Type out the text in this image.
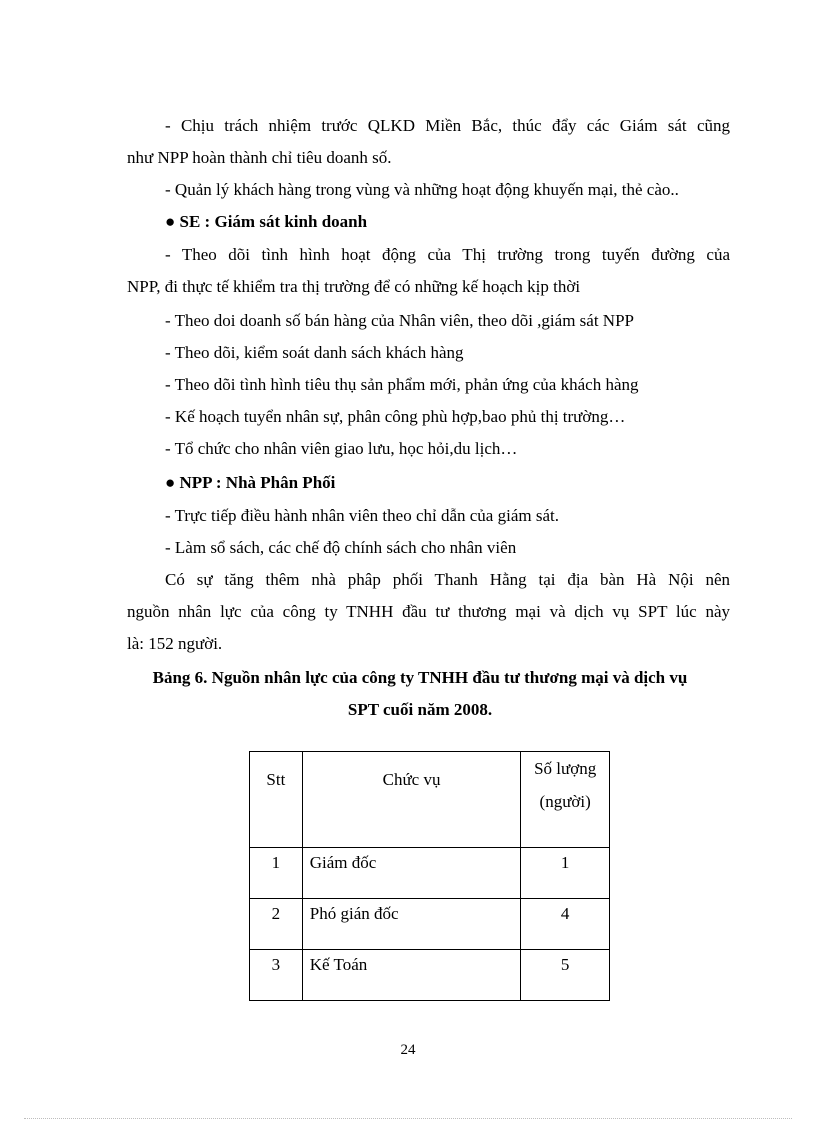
- Chịu trách nhiệm trước QLKD Miền Bắc, thúc đẩy các Giám sát cũng
như NPP hoàn thành chỉ tiêu doanh số.
- Quản lý khách hàng trong vùng và những hoạt động khuyến mại, thẻ cào..
● SE : Giám sát kinh doanh
- Theo dõi tình hình hoạt động của Thị trường trong tuyến đường của
NPP, đi thực tế khiểm tra thị trường để có những kế hoạch kịp thời
- Theo doi doanh số bán hàng của Nhân viên, theo dõi ,giám sát NPP
- Theo dõi, kiểm soát danh sách khách hàng
- Theo dõi tình hình tiêu thụ sản phẩm mới, phản ứng của khách hàng
- Kế hoạch tuyển nhân sự, phân công phù hợp,bao phủ thị trường…
- Tổ chức cho nhân viên giao lưu, học hỏi,du lịch…
● NPP : Nhà Phân Phối
- Trực tiếp điều hành nhân viên theo chỉ dẫn của giám sát.
- Làm sổ sách, các chế độ chính sách cho nhân viên
Có sự tăng thêm nhà phâp phối Thanh Hằng tại địa bàn Hà Nội nên
nguồn nhân lực của công ty TNHH đầu tư thương mại và dịch vụ SPT lúc này
là: 152 người.
Bảng 6. Nguồn nhân lực của công ty TNHH đầu tư thương mại và dịch vụ
SPT cuối năm 2008.
Stt	Chức vụ	Số lượng
(người)
1	Giám đốc	1
2	Phó gián đốc	4
3	Kế Toán	5
24
